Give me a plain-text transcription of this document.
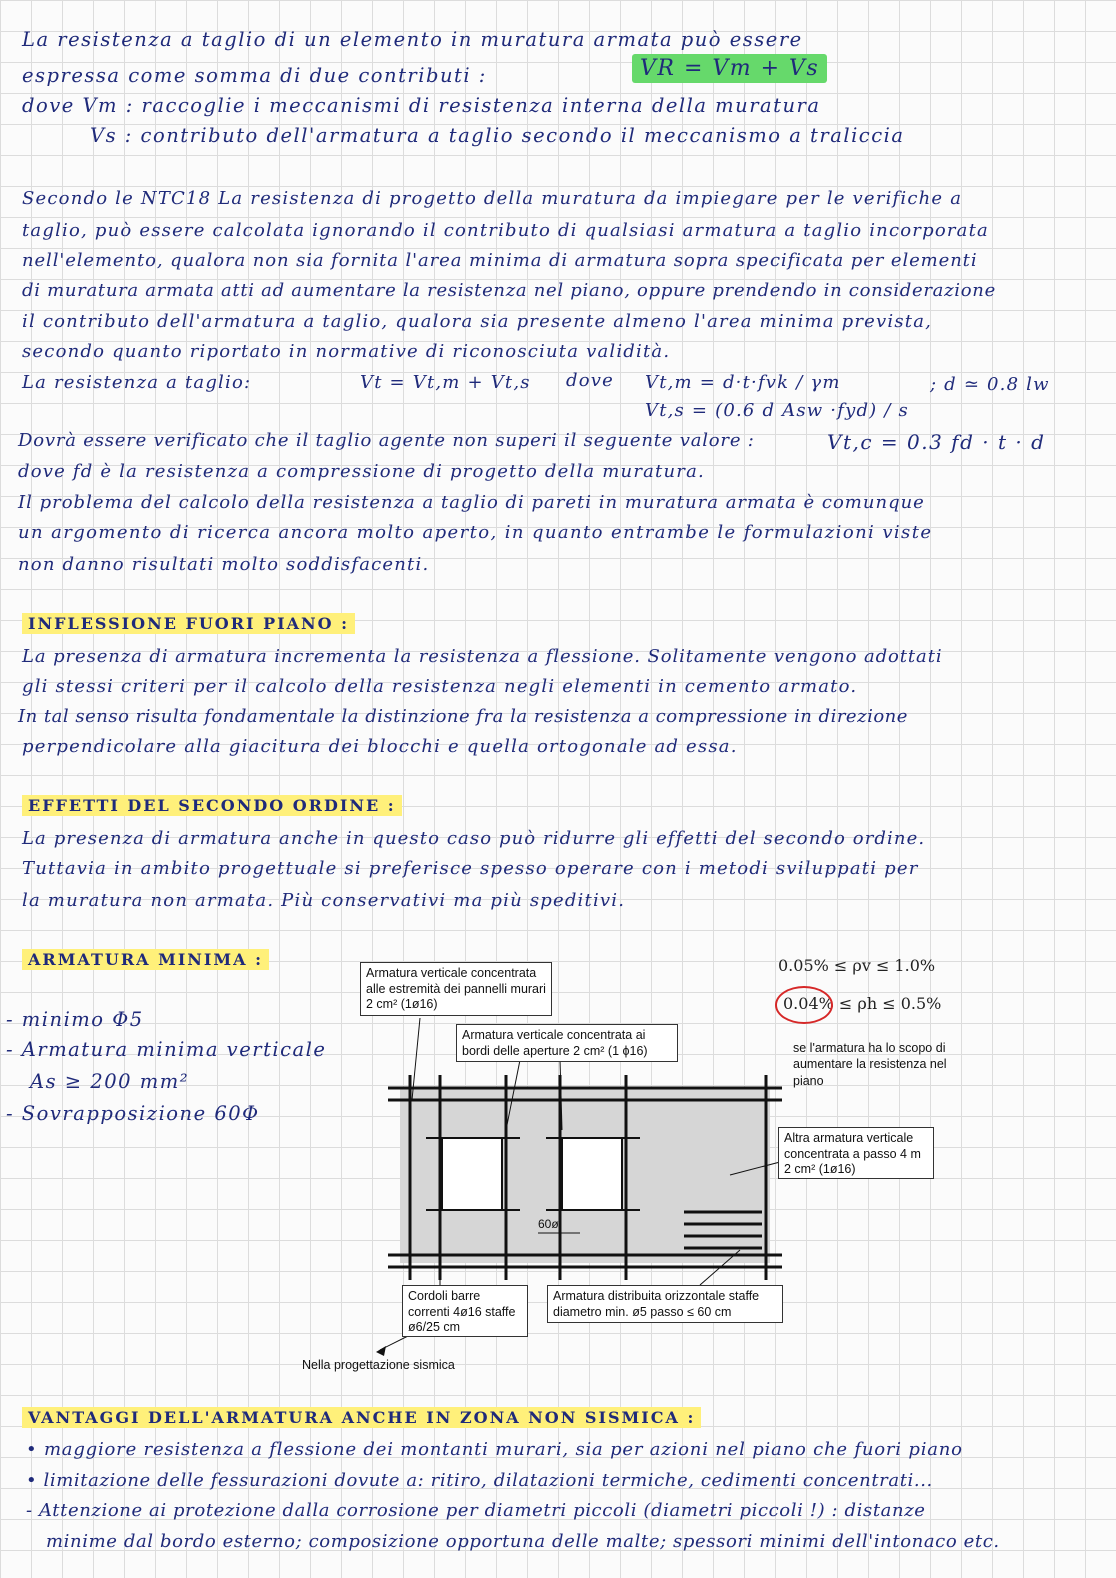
La resistenza a taglio di un elemento in muratura armata può essere
espressa come somma di due contributi :	VR = Vm + Vs
dove Vm : raccoglie i meccanismi di resistenza interna della muratura
Vs : contributo dell'armatura a taglio secondo il meccanismo a traliccia
Secondo le NTC18 La resistenza di progetto della muratura da impiegare per le verifiche a
taglio, può essere calcolata ignorando il contributo di qualsiasi armatura a taglio incorporata
nell'elemento, qualora non sia fornita l'area minima di armatura sopra specificata per elementi
di muratura armata atti ad aumentare la resistenza nel piano, oppure prendendo in considerazione
il contributo dell'armatura a taglio, qualora sia presente almeno l'area minima prevista,
secondo quanto riportato in normative di riconosciuta validità.
La resistenza a taglio:	Vt = Vt,m + Vt,s dove Vt,m = d·t·fvk / γm	; d ≃ 0.8 lw
Vt,s = (0.6 d Asw ·fyd) / s
Dovrà essere verificato che il taglio agente non superi il seguente valore :	Vt,c = 0.3 fd · t · d
dove fd è la resistenza a compressione di progetto della muratura.
Il problema del calcolo della resistenza a taglio di pareti in muratura armata è comunque
un argomento di ricerca ancora molto aperto, in quanto entrambe le formulazioni viste
non danno risultati molto soddisfacenti.
INFLESSIONE FUORI PIANO :
La presenza di armatura incrementa la resistenza a flessione. Solitamente vengono adottati
gli stessi criteri per il calcolo della resistenza negli elementi in cemento armato.
In tal senso risulta fondamentale la distinzione fra la resistenza a compressione in direzione
perpendicolare alla giacitura dei blocchi e quella ortogonale ad essa.
EFFETTI DEL SECONDO ORDINE :
La presenza di armatura anche in questo caso può ridurre gli effetti del secondo ordine.
Tuttavia in ambito progettuale si preferisce spesso operare con i metodi sviluppati per
la muratura non armata. Più conservativi ma più speditivi.
ARMATURA MINIMA :
- minimo Φ5
- Armatura minima verticale
As ≥ 200 mm²
- Sovrapposizione 60Φ
Armatura verticale concentrata alle estremità dei pannelli murari 2 cm² (1ø16)
Armatura verticale concentrata ai bordi delle aperture 2 cm² (1 ϕ16)
Altra armatura verticale concentrata a passo 4 m 2 cm² (1ø16)
Cordoli barre correnti 4ø16 staffe ø6/25 cm
Armatura distribuita orizzontale staffe diametro min. ø5 passo ≤ 60 cm
60ø
0.05% ≤ ρv ≤ 1.0%
0.04% ≤ ρh ≤ 0.5%
se l'armatura ha lo scopo di aumentare la resistenza nel piano
Nella progettazione sismica
VANTAGGI DELL'ARMATURA ANCHE IN ZONA NON SISMICA :
• maggiore resistenza a flessione dei montanti murari, sia per azioni nel piano che fuori piano
• limitazione delle fessurazioni dovute a: ritiro, dilatazioni termiche, cedimenti concentrati...
- Attenzione ai protezione dalla corrosione per diametri piccoli (diametri piccoli !) : distanze
minime dal bordo esterno; composizione opportuna delle malte; spessori minimi dell'intonaco etc.
